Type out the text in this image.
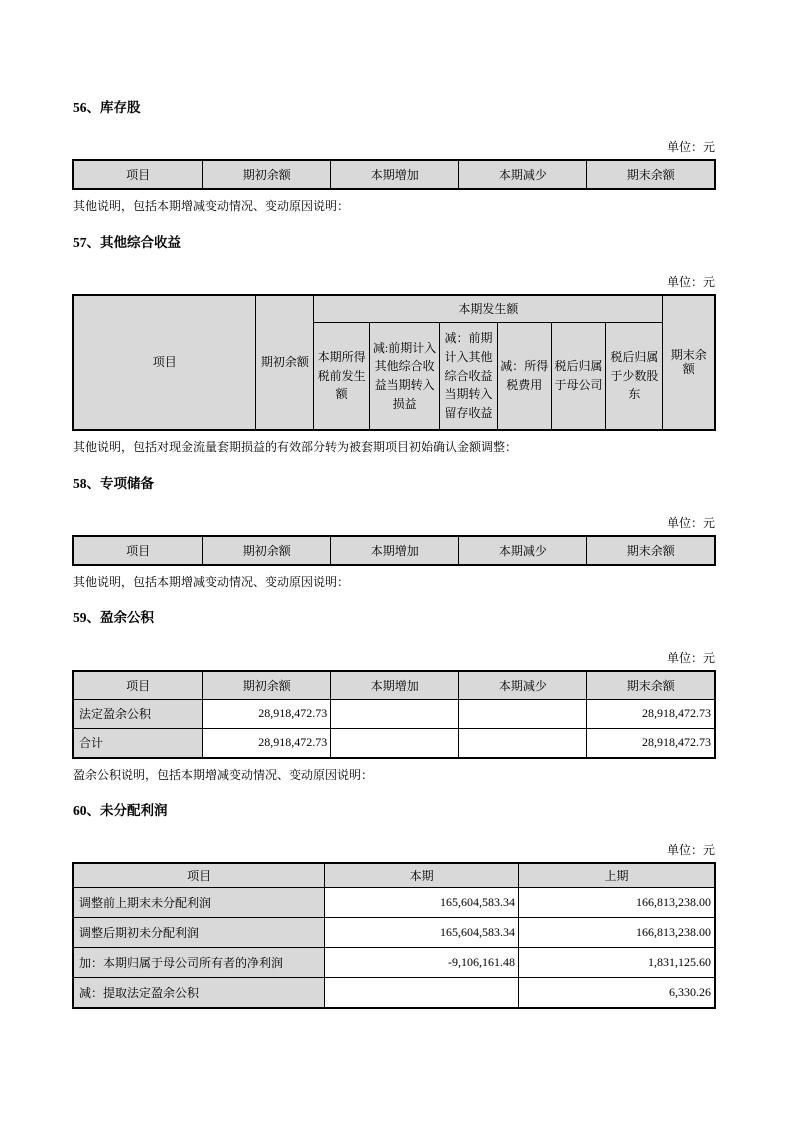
56、库存股
单位：元
项目	期初余额	本期增加	本期减少	期末余额
其他说明，包括本期增减变动情况、变动原因说明：
57、其他综合收益
单位：元
项目	期初余额	本期发生额						期末余额
		本期所得税前发生额	减:前期计入其他综合收益当期转入损益	减：前期计入其他综合收益当期转入留存收益	减：所得税费用	税后归属于母公司	税后归属于少数股东	
其他说明，包括对现金流量套期损益的有效部分转为被套期项目初始确认金额调整：
58、专项储备
单位：元
项目	期初余额	本期增加	本期减少	期末余额
其他说明，包括本期增减变动情况、变动原因说明：
59、盈余公积
单位：元
项目	期初余额	本期增加	本期减少	期末余额
法定盈余公积	28,918,472.73			28,918,472.73
合计	28,918,472.73			28,918,472.73
盈余公积说明，包括本期增减变动情况、变动原因说明：
60、未分配利润
单位：元
项目	本期	上期
调整前上期末未分配利润	165,604,583.34	166,813,238.00
调整后期初未分配利润	165,604,583.34	166,813,238.00
加：本期归属于母公司所有者的净利润	-9,106,161.48	1,831,125.60
减：提取法定盈余公积		6,330.26
